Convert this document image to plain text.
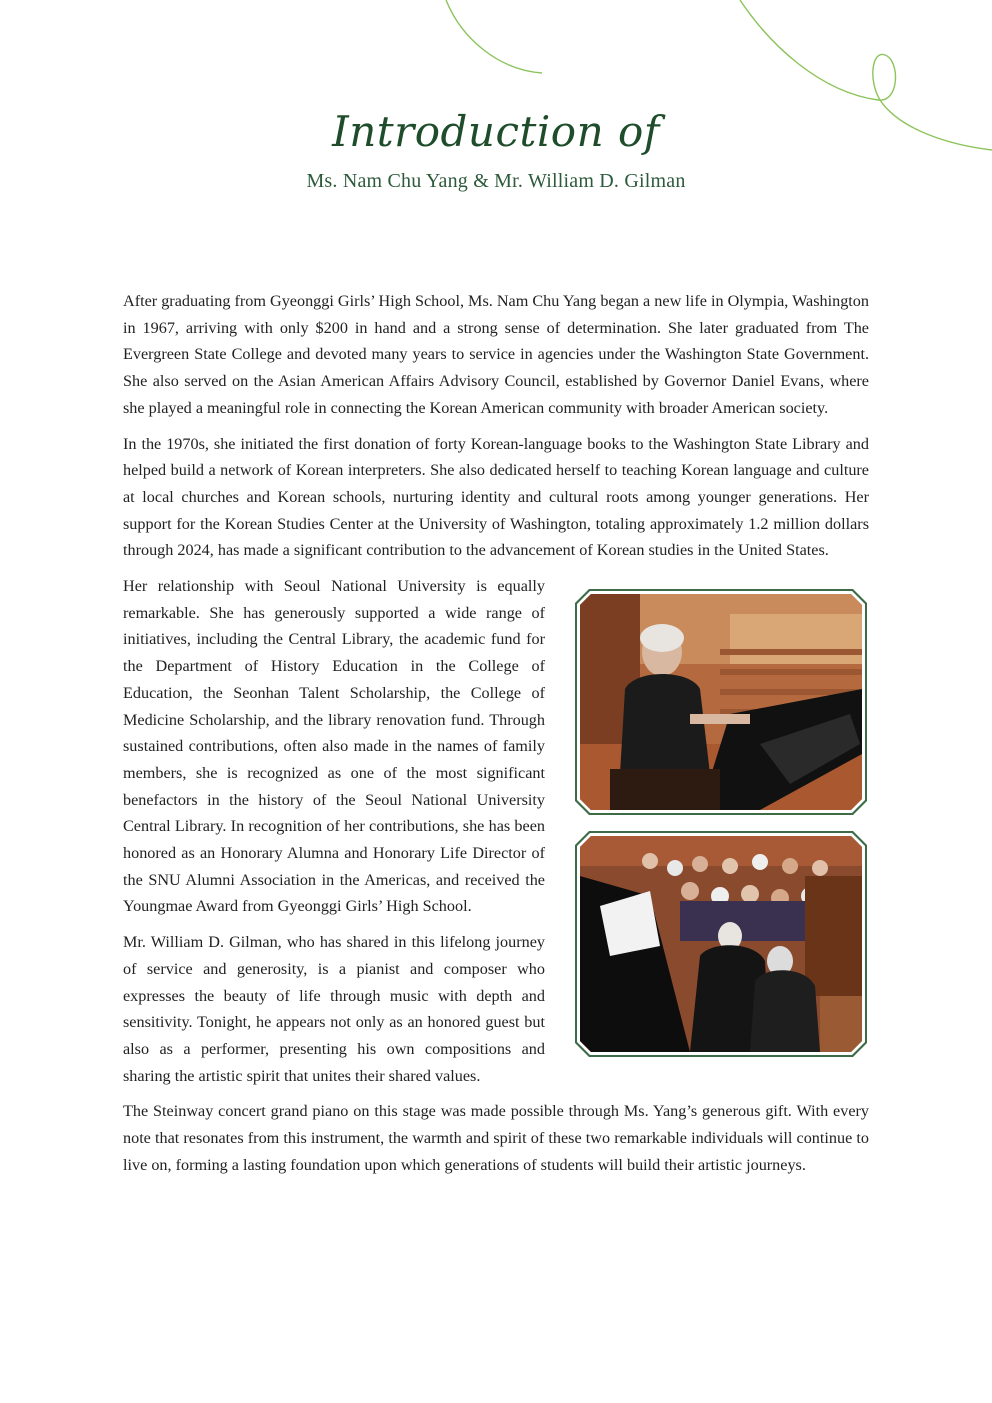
Introduction of
Ms. Nam Chu Yang & Mr. William D. Gilman

After graduating from Gyeonggi Girls’ High School, Ms. Nam Chu Yang began a new life in Olympia, Washington in 1967, arriving with only $200 in hand and a strong sense of determination. She later graduated from The Evergreen State College and devoted many years to service in agencies under the Washington State Government. She also served on the Asian American Affairs Advisory Council, established by Governor Daniel Evans, where she played a meaningful role in connecting the Korean American community with broader American society.

In the 1970s, she initiated the first donation of forty Korean-language books to the Washington State Library and helped build a network of Korean interpreters. She also dedicated herself to teaching Korean language and culture at local churches and Korean schools, nurturing identity and cultural roots among younger generations. Her support for the Korean Studies Center at the University of Washington, totaling approximately 1.2 million dollars through 2024, has made a significant contribution to the advancement of Korean studies in the United States.

Her relationship with Seoul National University is equally remarkable. She has generously supported a wide range of initiatives, including the Central Library, the academic fund for the Department of History Education in the College of Education, the Seonhan Talent Scholarship, the College of Medicine Scholarship, and the library renovation fund. Through sustained contributions, often also made in the names of family members, she is recognized as one of the most significant benefactors in the history of the Seoul National University Central Library. In recognition of her contributions, she has been honored as an Honorary Alumna and Honorary Life Director of the SNU Alumni Association in the Americas, and received the Youngmae Award from Gyeonggi Girls’ High School.

Mr. William D. Gilman, who has shared in this lifelong journey of service and generosity, is a pianist and composer who expresses the beauty of life through music with depth and sensitivity. Tonight, he appears not only as an honored guest but also as a performer, presenting his own compositions and sharing the artistic spirit that unites their shared values.

The Steinway concert grand piano on this stage was made possible through Ms. Yang’s generous gift. With every note that resonates from this instrument, the warmth and spirit of these two remarkable individuals will continue to live on, forming a lasting foundation upon which generations of students will build their artistic journeys.
